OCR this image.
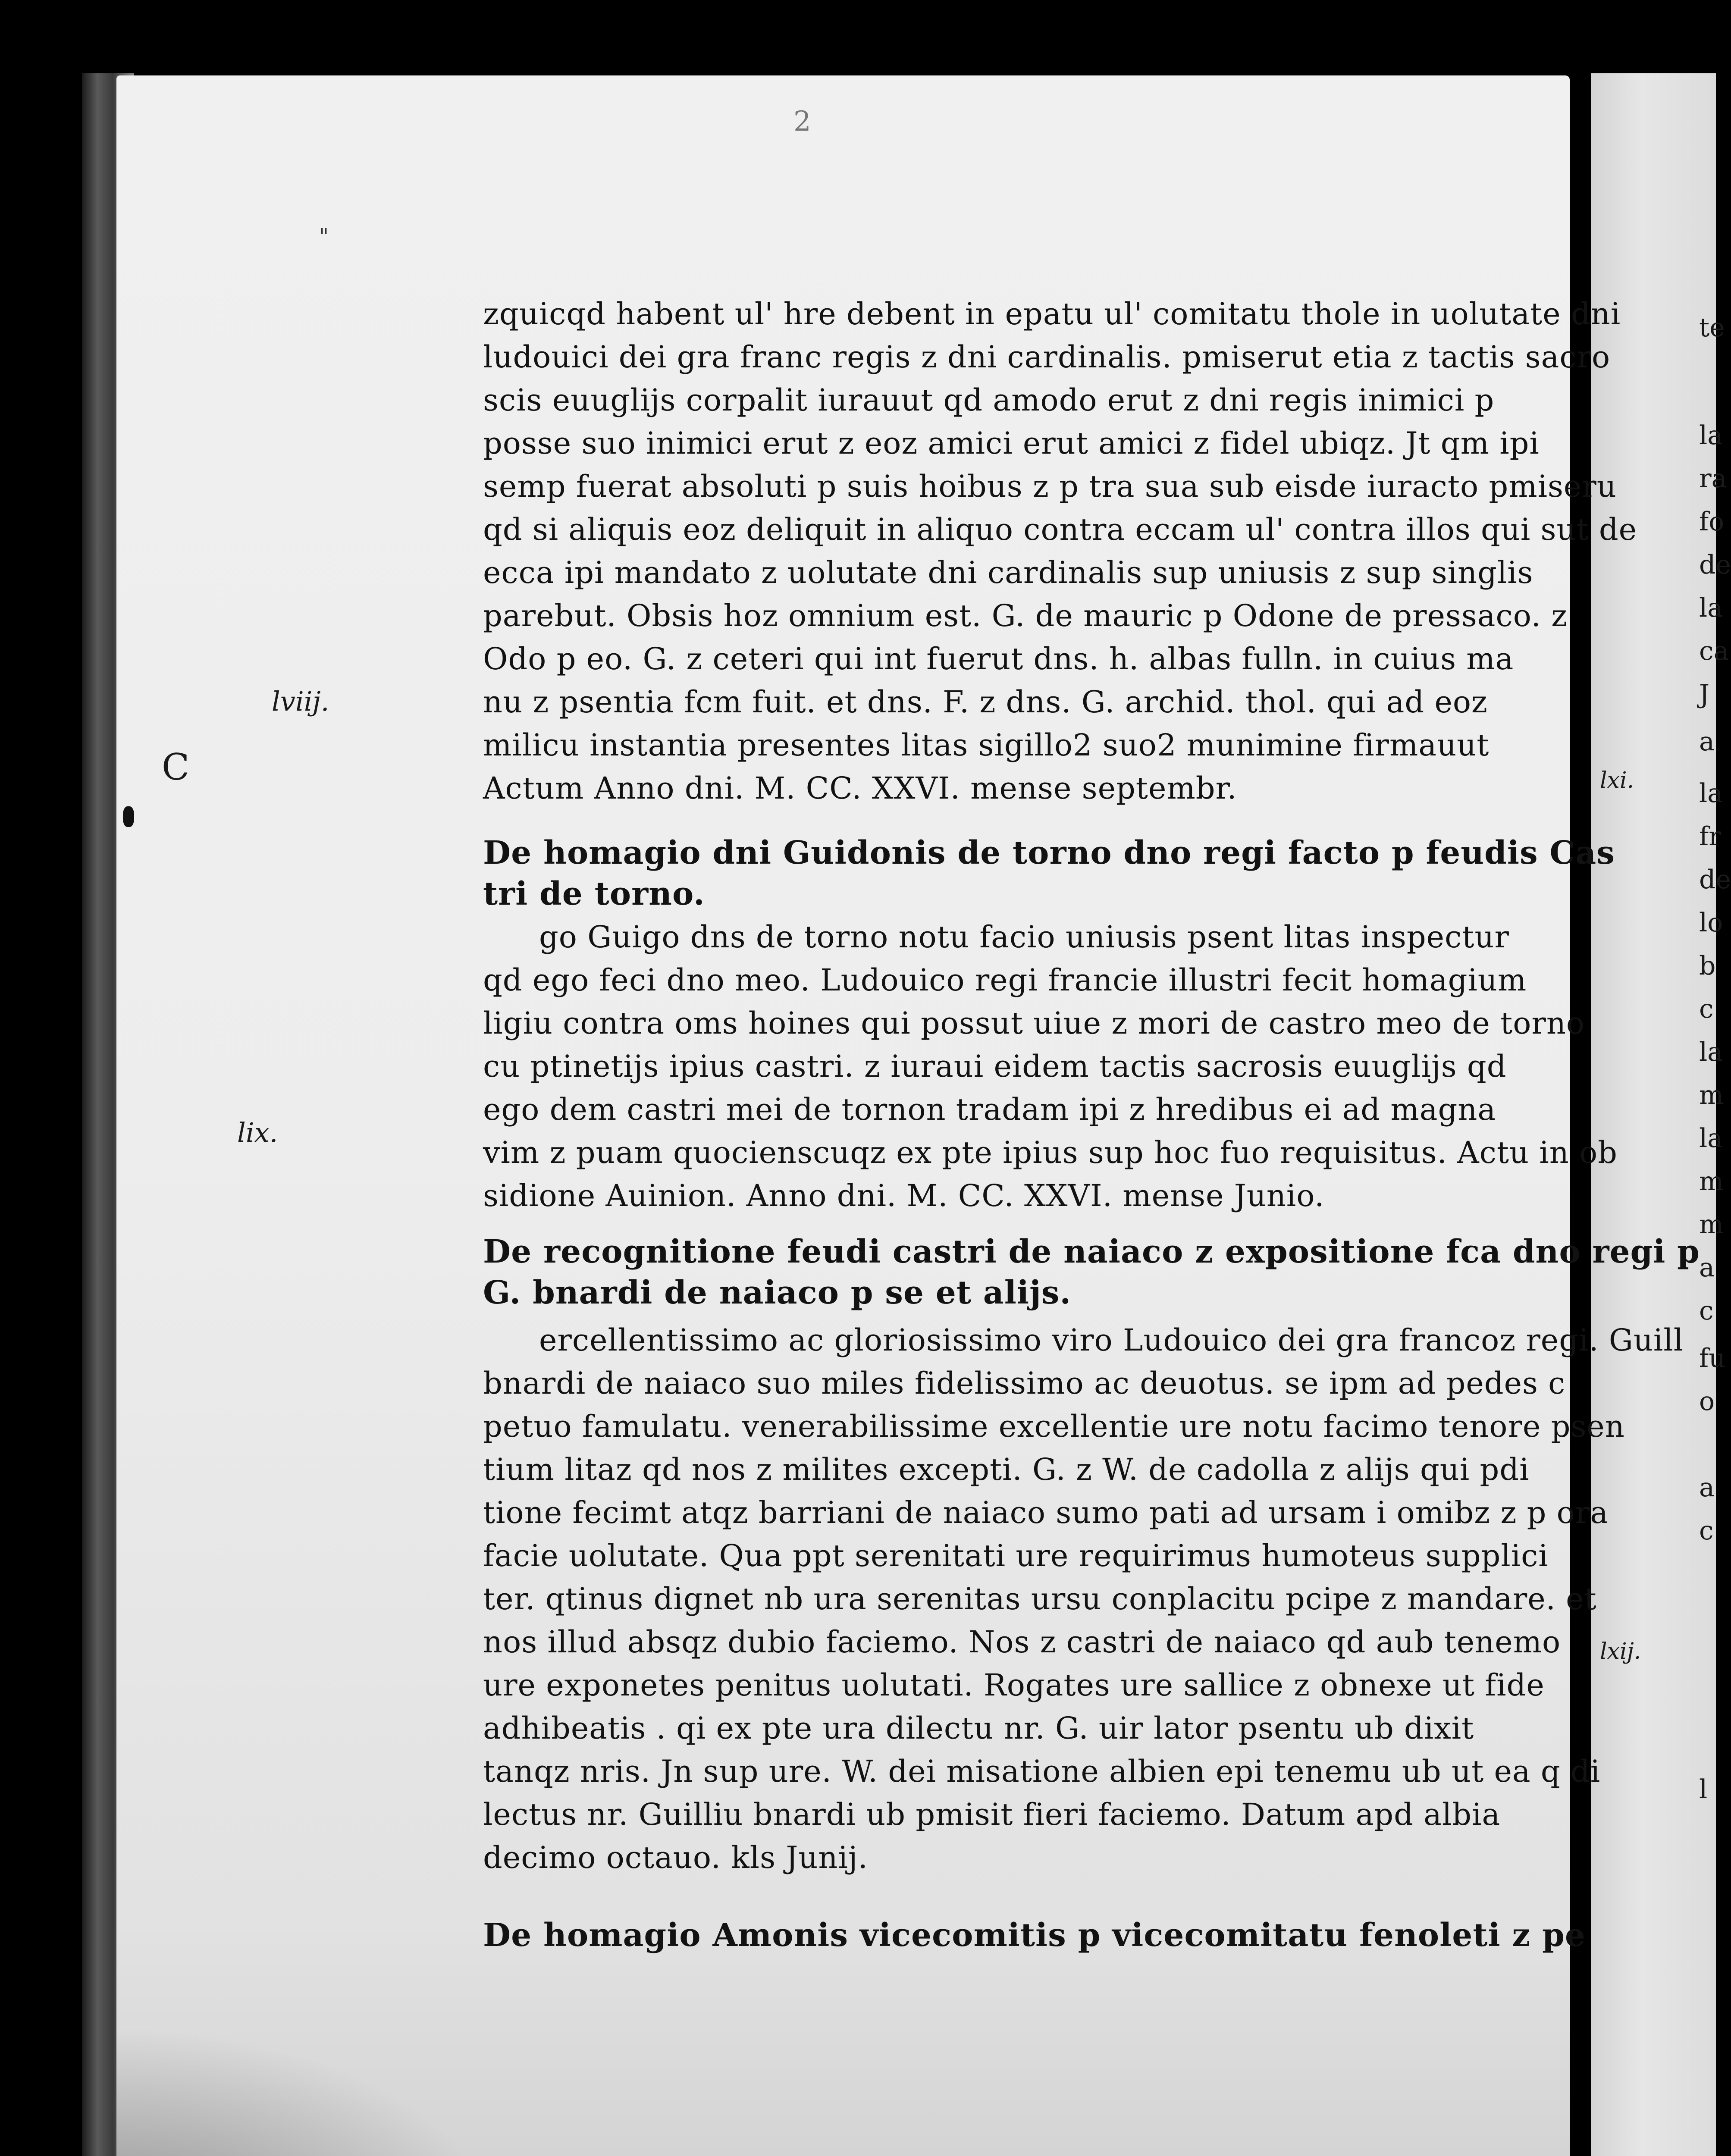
lxi.
lxij.
te
la
ra
fo
de
la
ca
J
a
la
fr
de
lo
b
c
la
m
la
m
m
a
c
fu
o
a
c
l
2
"
lviij.
C
lix.
zquicqd habent ul' hre debent in epatu ul' comitatu thole in uolutate dni
ludouici dei gra franc regis z dni cardinalis. pmiserut etia z tactis sacro
scis euuglijs corpalit iurauut qd amodo erut z dni regis inimici p
posse suo inimici erut z eoz amici erut amici z fidel ubiqz. Jt qm ipi
semp fuerat absoluti p suis hoibus z p tra sua sub eisde iuracto pmiseru
qd si aliquis eoz deliquit in aliquo contra eccam ul' contra illos qui sut de
ecca ipi mandato z uolutate dni cardinalis sup uniusis z sup singlis
parebut. Obsis hoz omnium est. G. de mauric p Odone de pressaco. z
Odo p eo. G. z ceteri qui int fuerut dns. h. albas fulln. in cuius ma
nu z psentia fcm fuit. et dns. F. z dns. G. archid. thol. qui ad eoz
milicu instantia presentes litas sigillo2 suo2 munimine firmauut
Actum Anno dni. M. CC. XXVI. mense septembr.
De homagio dni Guidonis de torno dno regi facto p feudis Cas
tri de torno.
go Guigo dns de torno notu facio uniusis psent litas inspectur
qd ego feci dno meo. Ludouico regi francie illustri fecit homagium
ligiu contra oms hoines qui possut uiue z mori de castro meo de torno
cu ptinetijs ipius castri. z iuraui eidem tactis sacrosis euuglijs qd
ego dem castri mei de tornon tradam ipi z hredibus ei ad magna
vim z puam quocienscuqz ex pte ipius sup hoc fuo requisitus. Actu in ob
sidione Auinion. Anno dni. M. CC. XXVI. mense Junio.
De recognitione feudi castri de naiaco z expositione fca dno regi p
G. bnardi de naiaco p se et alijs.
ercellentissimo ac gloriosissimo viro Ludouico dei gra francoz regi. Guill
bnardi de naiaco suo miles fidelissimo ac deuotus. se ipm ad pedes c
petuo famulatu. venerabilissime excellentie ure notu facimo tenore psen
tium litaz qd nos z milites excepti. G. z W. de cadolla z alijs qui pdi
tione fecimt atqz barriani de naiaco sumo pati ad ursam i omibz z p ora
facie uolutate. Qua ppt serenitati ure requirimus humoteus supplici
ter. qtinus dignet nb ura serenitas ursu conplacitu pcipe z mandare. et
nos illud absqz dubio faciemo. Nos z castri de naiaco qd aub tenemo
ure exponetes penitus uolutati. Rogates ure sallice z obnexe ut fide
adhibeatis . qi ex pte ura dilectu nr. G. uir lator psentu ub dixit
tanqz nris. Jn sup ure. W. dei misatione albien epi tenemu ub ut ea q di
lectus nr. Guilliu bnardi ub pmisit fieri faciemo. Datum apd albia
decimo octauo. kls Junij.
De homagio Amonis vicecomitis p vicecomitatu fenoleti z pe
